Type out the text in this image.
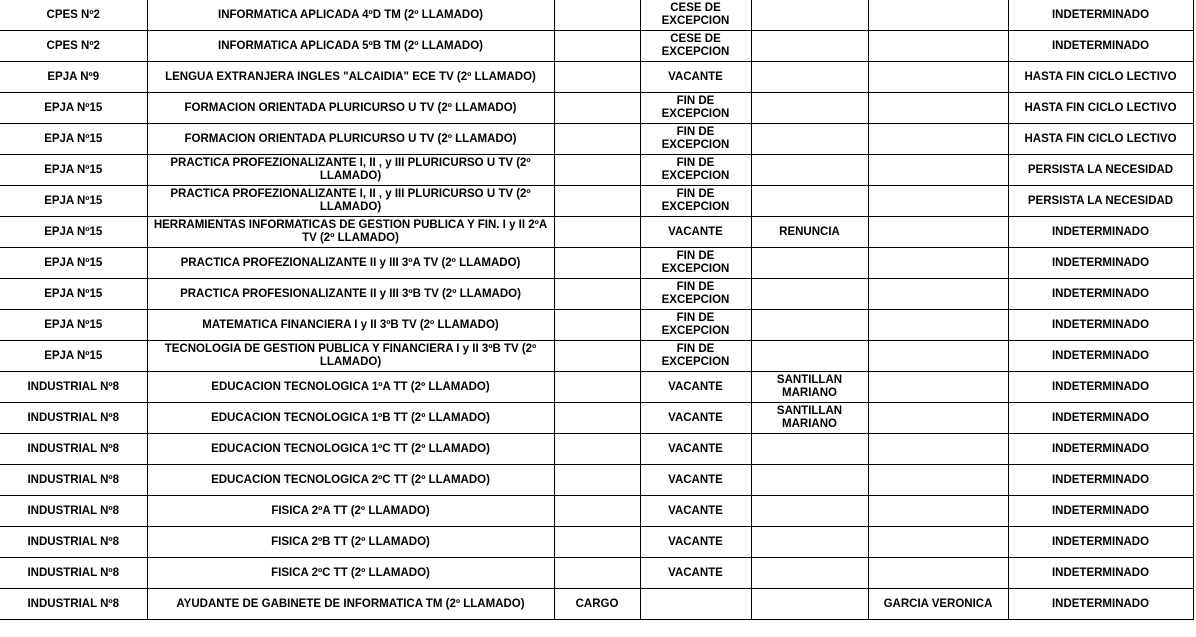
CPES Nº2	INFORMATICA APLICADA 4ºD TM (2º LLAMADO)		CESE DE EXCEPCION			INDETERMINADO
CPES Nº2	INFORMATICA APLICADA 5ºB TM (2º LLAMADO)		CESE DE EXCEPCION			INDETERMINADO
EPJA Nº9	LENGUA EXTRANJERA INGLES "ALCAIDIA" ECE TV (2º LLAMADO)		VACANTE			HASTA FIN CICLO LECTIVO
EPJA Nº15	FORMACION ORIENTADA PLURICURSO U TV (2º LLAMADO)		FIN DE EXCEPCION			HASTA FIN CICLO LECTIVO
EPJA Nº15	FORMACION ORIENTADA PLURICURSO U TV (2º LLAMADO)		FIN DE EXCEPCION			HASTA FIN CICLO LECTIVO
EPJA Nº15	PRACTICA PROFEZIONALIZANTE I, II , y III PLURICURSO U TV (2º LLAMADO)		FIN DE EXCEPCION			PERSISTA LA NECESIDAD
EPJA Nº15	PRACTICA PROFEZIONALIZANTE I, II , y III PLURICURSO U TV (2º LLAMADO)		FIN DE EXCEPCION			PERSISTA LA NECESIDAD
EPJA Nº15	HERRAMIENTAS INFORMATICAS DE GESTION PUBLICA Y FIN. I y II 2ºA TV (2º LLAMADO)		VACANTE	RENUNCIA		INDETERMINADO
EPJA Nº15	PRACTICA PROFEZIONALIZANTE II y III 3ºA TV (2º LLAMADO)		FIN DE EXCEPCION			INDETERMINADO
EPJA Nº15	PRACTICA PROFESIONALIZANTE II y III 3ºB TV (2º LLAMADO)		FIN DE EXCEPCION			INDETERMINADO
EPJA Nº15	MATEMATICA FINANCIERA I y II 3ºB TV (2º LLAMADO)		FIN DE EXCEPCION			INDETERMINADO
EPJA Nº15	TECNOLOGIA DE GESTION PUBLICA Y FINANCIERA I y II 3ºB TV (2º LLAMADO)		FIN DE EXCEPCION			INDETERMINADO
INDUSTRIAL Nº8	EDUCACION TECNOLOGICA 1ºA TT (2º LLAMADO)		VACANTE	SANTILLAN MARIANO		INDETERMINADO
INDUSTRIAL Nº8	EDUCACION TECNOLOGICA 1ºB TT (2º LLAMADO)		VACANTE	SANTILLAN MARIANO		INDETERMINADO
INDUSTRIAL Nº8	EDUCACION TECNOLOGICA 1ºC TT (2º LLAMADO)		VACANTE			INDETERMINADO
INDUSTRIAL Nº8	EDUCACION TECNOLOGICA 2ºC TT (2º LLAMADO)		VACANTE			INDETERMINADO
INDUSTRIAL Nº8	FISICA 2ºA TT (2º LLAMADO)		VACANTE			INDETERMINADO
INDUSTRIAL Nº8	FISICA 2ºB TT (2º LLAMADO)		VACANTE			INDETERMINADO
INDUSTRIAL Nº8	FISICA 2ºC TT (2º LLAMADO)		VACANTE			INDETERMINADO
INDUSTRIAL Nº8	AYUDANTE DE GABINETE DE INFORMATICA TM (2º LLAMADO)	CARGO			GARCIA VERONICA	INDETERMINADO
